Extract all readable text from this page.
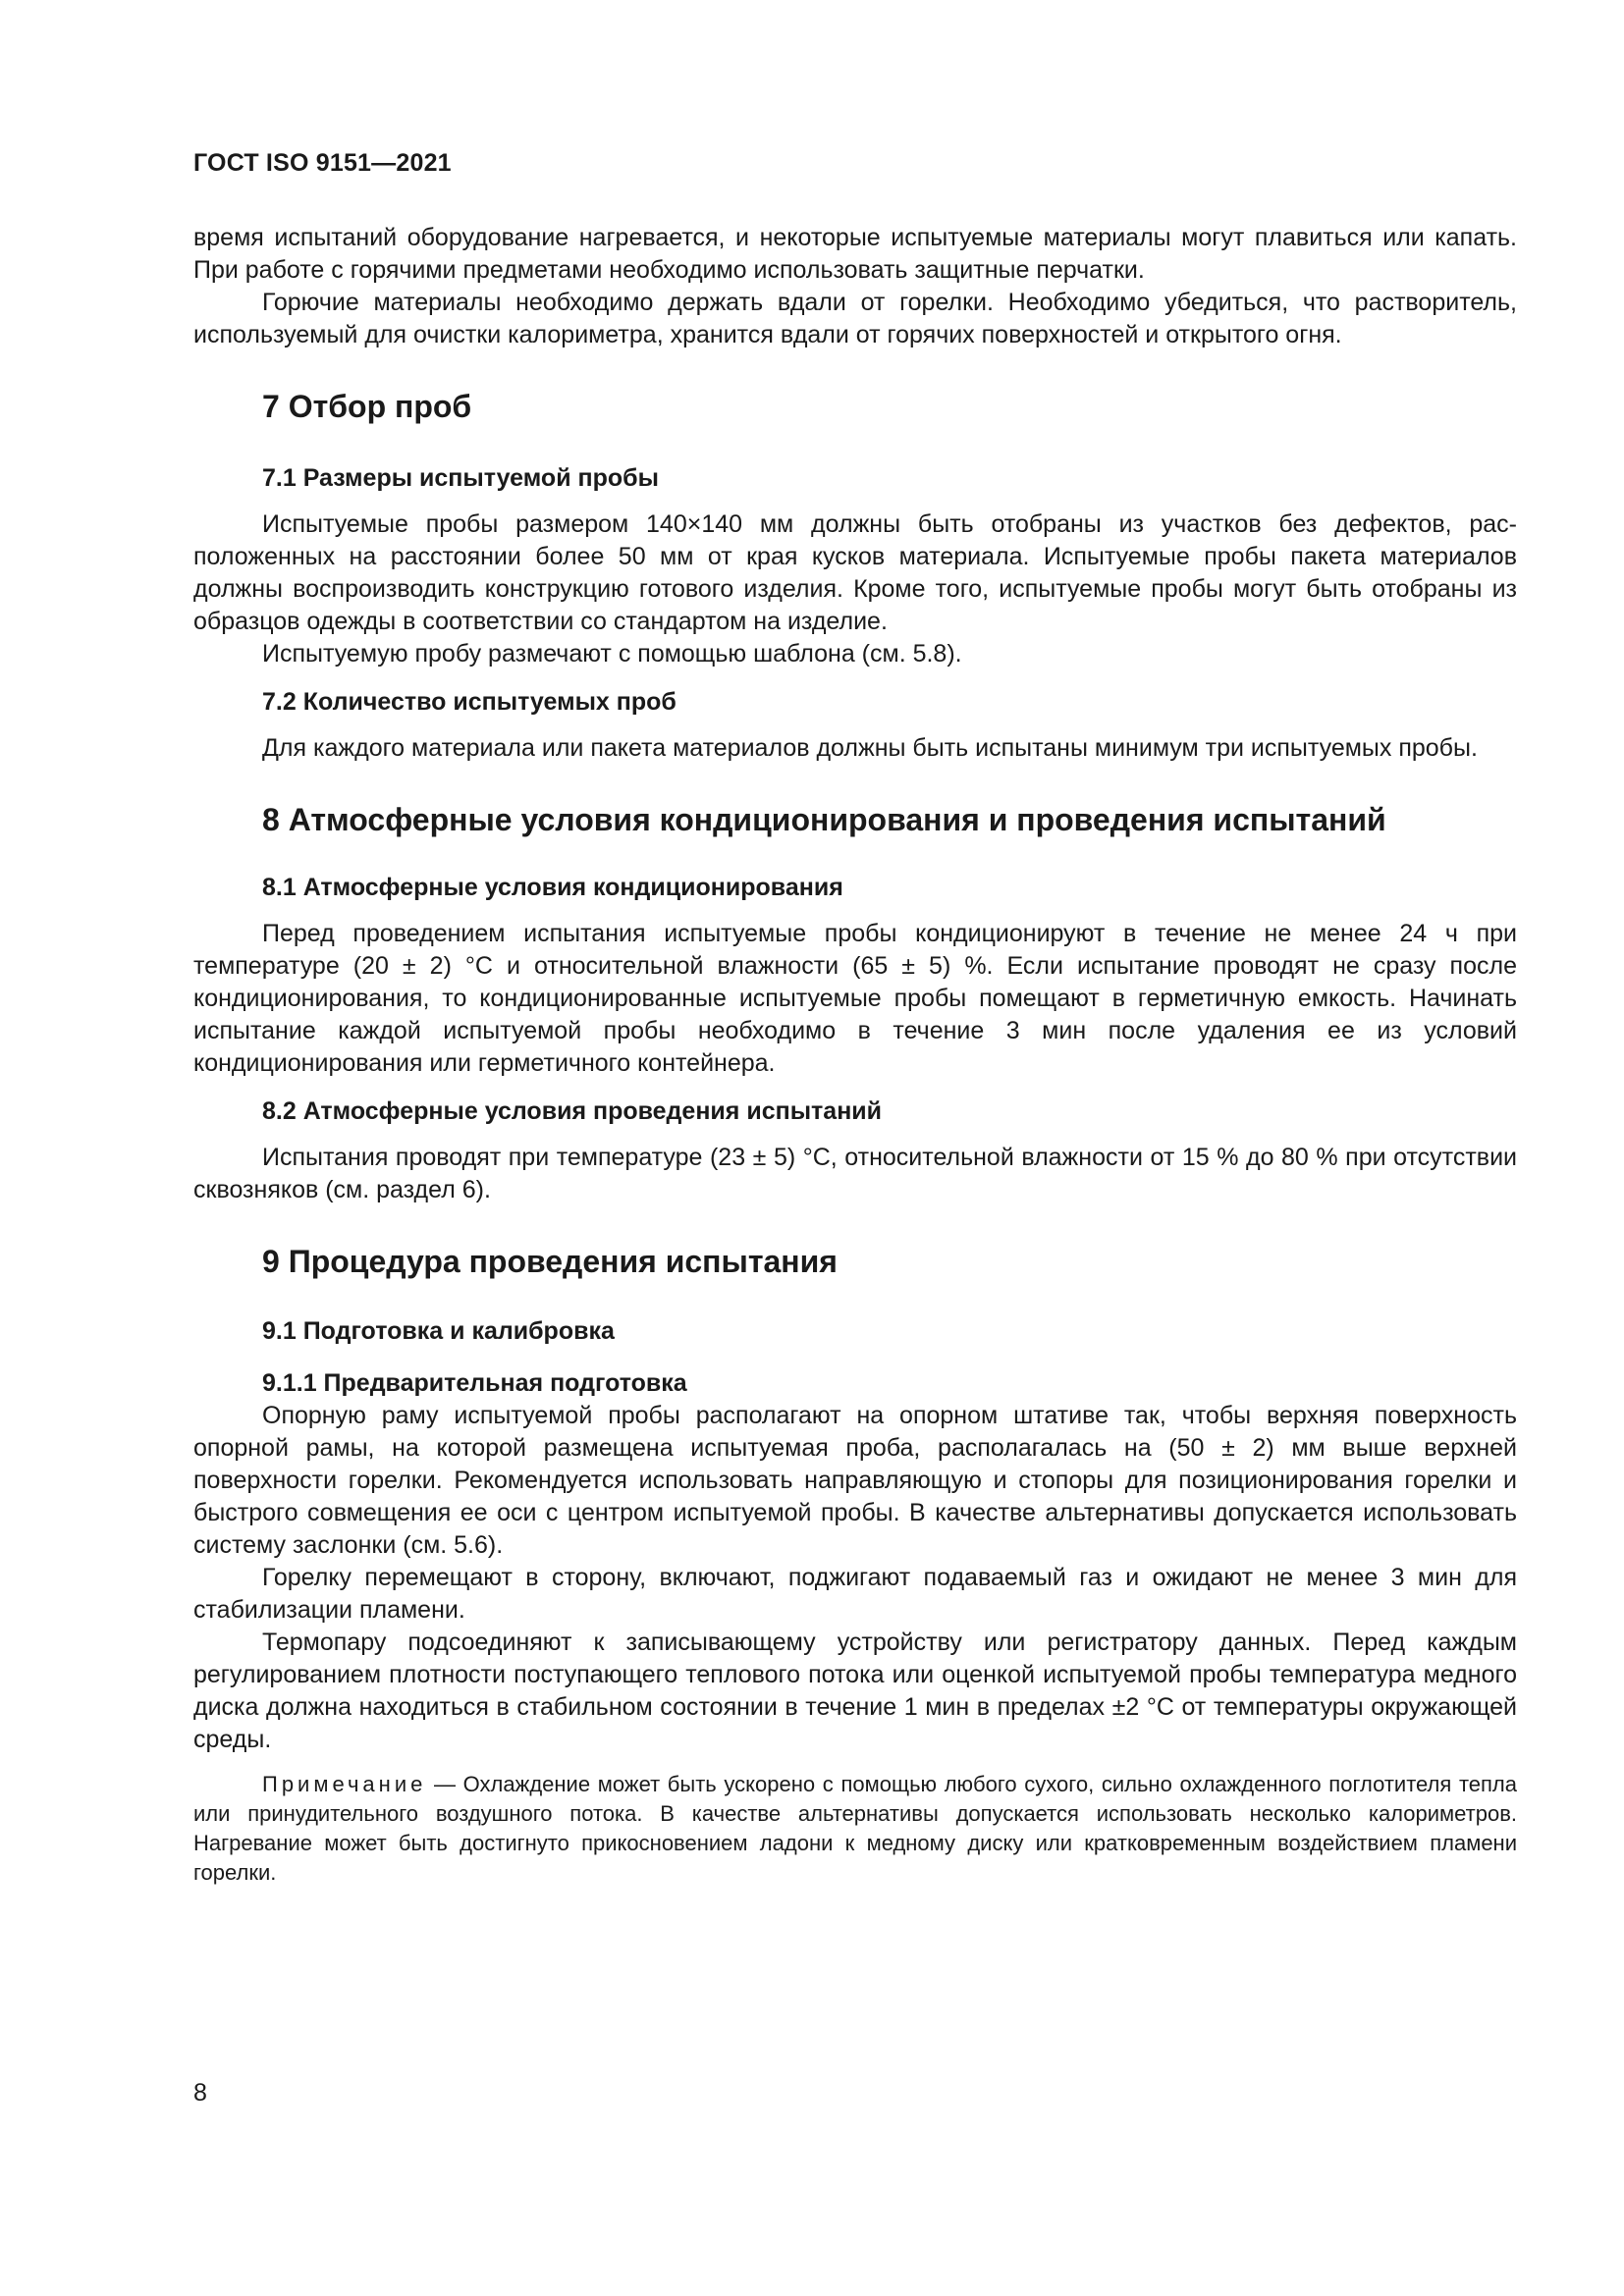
ГОСТ ISO 9151—2021

время испытаний оборудование нагревается, и некоторые испытуемые материалы могут плавиться или капать. При работе с горячими предметами необходимо использовать защитные перчатки.

Горючие материалы необходимо держать вдали от горелки. Необходимо убедиться, что растворитель, используемый для очистки калориметра, хранится вдали от горячих поверхностей и открытого огня.

7 Отбор проб
7.1 Размеры испытуемой пробы

Испытуемые пробы размером 140×140 мм должны быть отобраны из участков без дефектов, расположенных на расстоянии более 50 мм от края кусков материала. Испытуемые пробы пакета материалов должны воспроизводить конструкцию готового изделия. Кроме того, испытуемые пробы могут быть отобраны из образцов одежды в соответствии со стандартом на изделие.

Испытуемую пробу размечают с помощью шаблона (см. 5.8).

7.2 Количество испытуемых проб

Для каждого материала или пакета материалов должны быть испытаны минимум три испытуемых пробы.

8 Атмосферные условия кондиционирования и проведения испытаний
8.1 Атмосферные условия кондиционирования

Перед проведением испытания испытуемые пробы кондиционируют в течение не менее 24 ч при температуре (20 ± 2) °С и относительной влажности (65 ± 5) %. Если испытание проводят не сразу после кондиционирования, то кондиционированные испытуемые пробы помещают в герметичную емкость. Начинать испытание каждой испытуемой пробы необходимо в течение 3 мин после удаления ее из условий кондиционирования или герметичного контейнера.

8.2 Атмосферные условия проведения испытаний

Испытания проводят при температуре (23 ± 5) °С, относительной влажности от 15 % до 80 % при отсутствии сквозняков (см. раздел 6).

9 Процедура проведения испытания
9.1 Подготовка и калибровка
9.1.1 Предварительная подготовка

Опорную раму испытуемой пробы располагают на опорном штативе так, чтобы верхняя поверхность опорной рамы, на которой размещена испытуемая проба, располагалась на (50 ± 2) мм выше верхней поверхности горелки. Рекомендуется использовать направляющую и стопоры для позиционирования горелки и быстрого совмещения ее оси с центром испытуемой пробы. В качестве альтернативы допускается использовать систему заслонки (см. 5.6).

Горелку перемещают в сторону, включают, поджигают подаваемый газ и ожидают не менее 3 мин для стабилизации пламени.

Термопару подсоединяют к записывающему устройству или регистратору данных. Перед каждым регулированием плотности поступающего теплового потока или оценкой испытуемой пробы температура медного диска должна находиться в стабильном состоянии в течение 1 мин в пределах ±2 °С от температуры окружающей среды.

Примечание — Охлаждение может быть ускорено с помощью любого сухого, сильно охлажденного поглотителя тепла или принудительного воздушного потока. В качестве альтернативы допускается использовать несколько калориметров. Нагревание может быть достигнуто прикосновением ладони к медному диску или кратковременным воздействием пламени горелки.

8
